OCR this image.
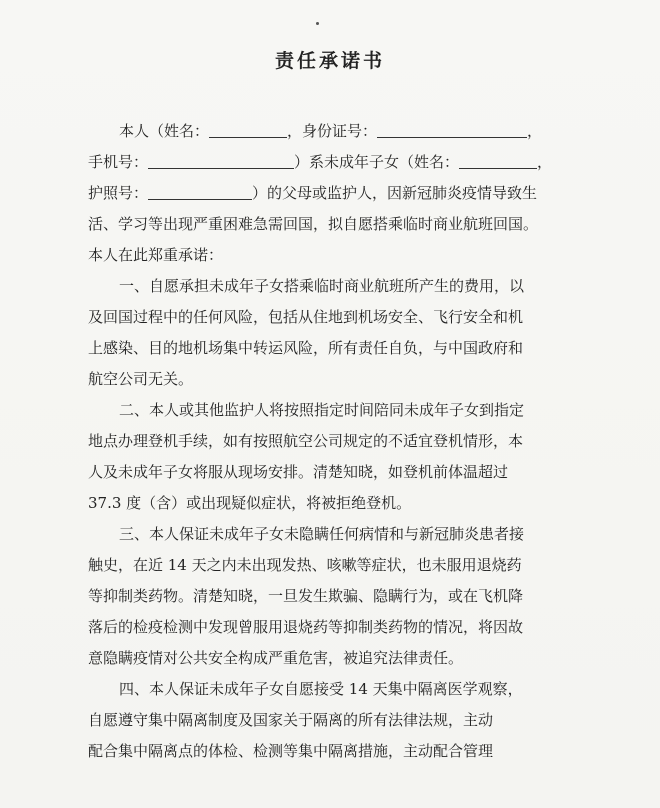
责任承诺书
本人（姓名：	，身份证号：	，
手机号：	）系未成年子女（姓名：	，
护照号：	）的父母或监护人，因新冠肺炎疫情导致生
活、学习等出现严重困难急需回国，拟自愿搭乘临时商业航班回国。
本人在此郑重承诺：
一、自愿承担未成年子女搭乘临时商业航班所产生的费用，以
及回国过程中的任何风险，包括从住地到机场安全、飞行安全和机
上感染、目的地机场集中转运风险，所有责任自负，与中国政府和
航空公司无关。
二、本人或其他监护人将按照指定时间陪同未成年子女到指定
地点办理登机手续，如有按照航空公司规定的不适宜登机情形，本
人及未成年子女将服从现场安排。清楚知晓，如登机前体温超过
37.3 度（含）或出现疑似症状，将被拒绝登机。
三、本人保证未成年子女未隐瞒任何病情和与新冠肺炎患者接
触史，在近 14 天之内未出现发热、咳嗽等症状，也未服用退烧药
等抑制类药物。清楚知晓，一旦发生欺骗、隐瞒行为，或在飞机降
落后的检疫检测中发现曾服用退烧药等抑制类药物的情况，将因故
意隐瞒疫情对公共安全构成严重危害，被追究法律责任。
四、本人保证未成年子女自愿接受 14 天集中隔离医学观察，
自愿遵守集中隔离制度及国家关于隔离的所有法律法规，主动
配合集中隔离点的体检、检测等集中隔离措施，主动配合管理
